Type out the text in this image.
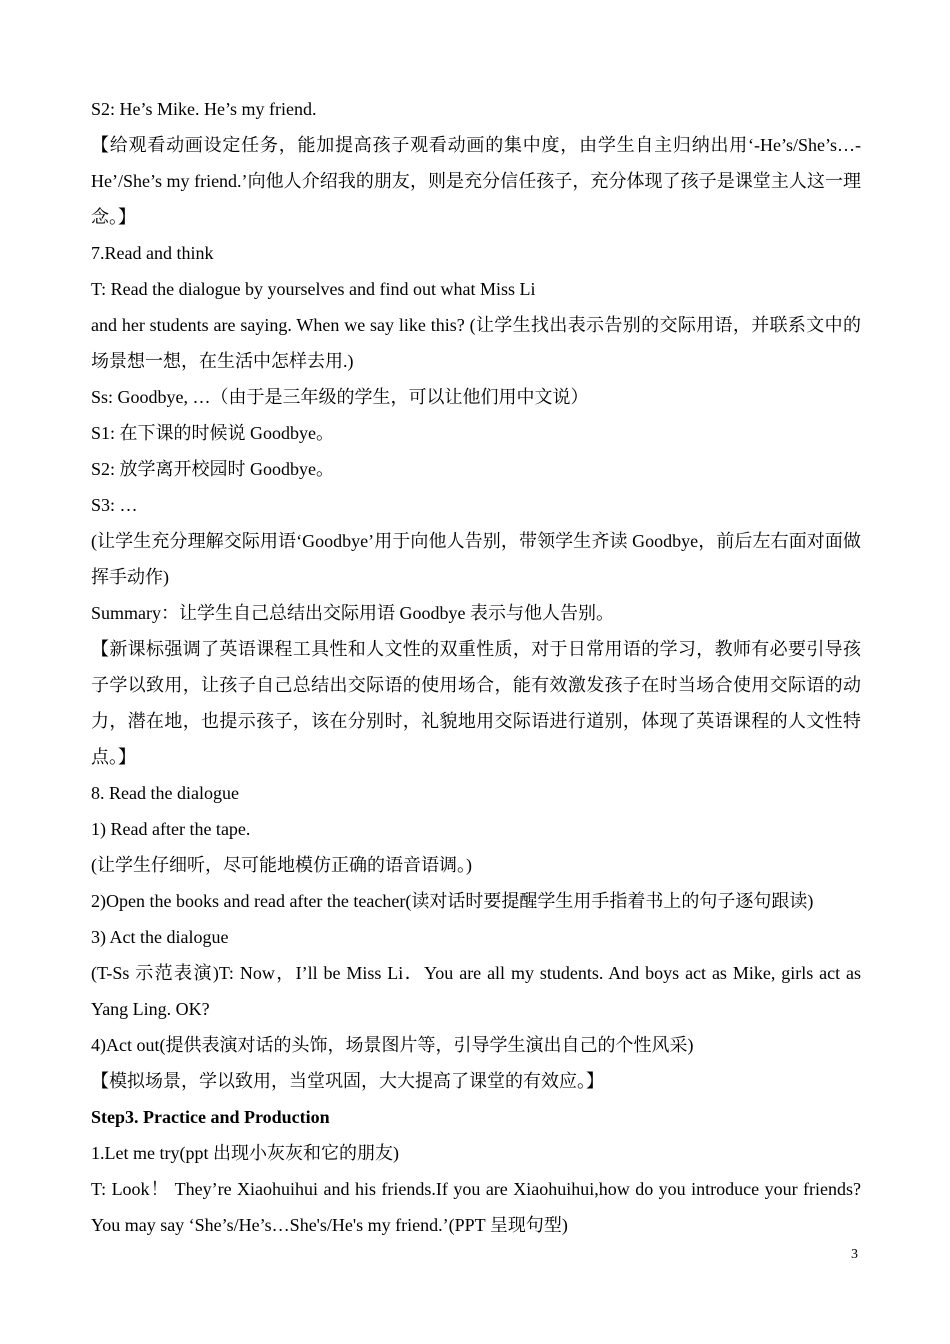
S2: He’s Mike. He’s my friend.

【给观看动画设定任务，能加提高孩子观看动画的集中度，由学生自主归纳出用‘-He’s/She’s…-He’/She’s my friend.’向他人介绍我的朋友，则是充分信任孩子，充分体现了孩子是课堂主人这一理念。】

7.Read and think

T: Read the dialogue by yourselves and find out what Miss Li

and her students are saying. When we say like this? (让学生找出表示告别的交际用语，并联系文中的场景想一想，在生活中怎样去用.)

Ss: Goodbye, …（由于是三年级的学生，可以让他们用中文说）

S1: 在下课的时候说 Goodbye。

S2: 放学离开校园时 Goodbye。

S3: …

(让学生充分理解交际用语‘Goodbye’用于向他人告别，带领学生齐读 Goodbye，前后左右面对面做挥手动作)

Summary：让学生自己总结出交际用语 Goodbye 表示与他人告别。

【新课标强调了英语课程工具性和人文性的双重性质，对于日常用语的学习，教师有必要引导孩子学以致用，让孩子自己总结出交际语的使用场合，能有效激发孩子在时当场合使用交际语的动力，潜在地，也提示孩子，该在分别时，礼貌地用交际语进行道别，体现了英语课程的人文性特点。】

8. Read the dialogue

1) Read after the tape.

(让学生仔细听，尽可能地模仿正确的语音语调。)

2)Open the books and read after the teacher(读对话时要提醒学生用手指着书上的句子逐句跟读)

3) Act the dialogue

(T-Ss 示范表演)T: Now，I’ll be Miss Li．You are all my students. And boys act as Mike, girls act as Yang Ling. OK?

4)Act out(提供表演对话的头饰，场景图片等，引导学生演出自己的个性风采)

【模拟场景，学以致用，当堂巩固，大大提高了课堂的有效应。】

Step3. Practice and Production

1.Let me try(ppt 出现小灰灰和它的朋友)

T: Look！ They’re Xiaohuihui and his friends.If you are Xiaohuihui,how do you introduce your friends? You may say ‘She’s/He’s…She's/He's my friend.’(PPT 呈现句型)

3
